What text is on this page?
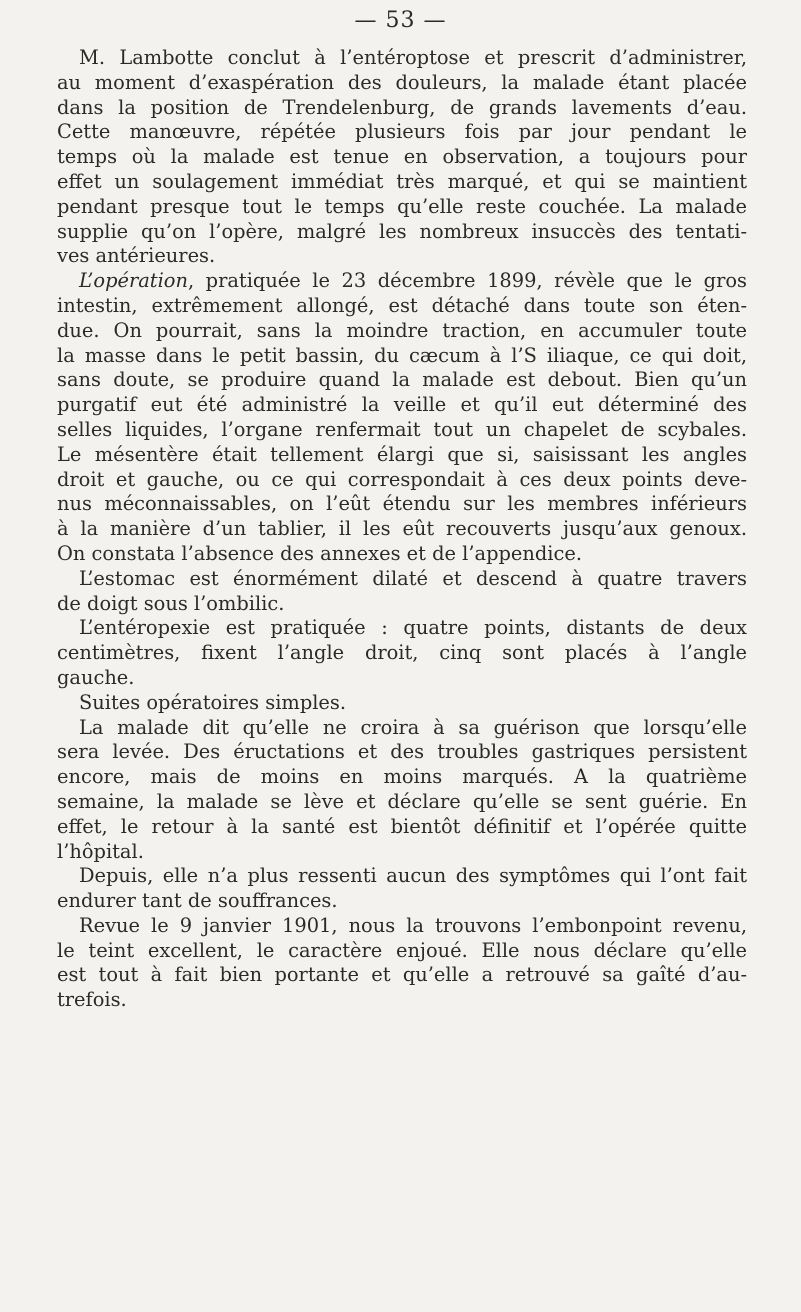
— 53 —
M. Lambotte conclut à l’entéroptose et prescrit d’administrer,
au moment d’exaspération des douleurs, la malade étant placée
dans la position de Trendelenburg, de grands lavements d’eau.
Cette manœuvre, répétée plusieurs fois par jour pendant le
temps où la malade est tenue en observation, a toujours pour
effet un soulagement immédiat très marqué, et qui se maintient
pendant presque tout le temps qu’elle reste couchée. La malade
supplie qu’on l’opère, malgré les nombreux insuccès des tentati-
ves antérieures.
L’opération, pratiquée le 23 décembre 1899, révèle que le gros
intestin, extrêmement allongé, est détaché dans toute son éten-
due. On pourrait, sans la moindre traction, en accumuler toute
la masse dans le petit bassin, du cæcum à l’S iliaque, ce qui doit,
sans doute, se produire quand la malade est debout. Bien qu’un
purgatif eut été administré la veille et qu’il eut déterminé des
selles liquides, l’organe renfermait tout un chapelet de scybales.
Le mésentère était tellement élargi que si, saisissant les angles
droit et gauche, ou ce qui correspondait à ces deux points deve-
nus méconnaissables, on l’eût étendu sur les membres inférieurs
à la manière d’un tablier, il les eût recouverts jusqu’aux genoux.
On constata l’absence des annexes et de l’appendice.
L’estomac est énormément dilaté et descend à quatre travers
de doigt sous l’ombilic.
L’entéropexie est pratiquée : quatre points, distants de deux
centimètres, fixent l’angle droit, cinq sont placés à l’angle
gauche.
Suites opératoires simples.
La malade dit qu’elle ne croira à sa guérison que lorsqu’elle
sera levée. Des éructations et des troubles gastriques persistent
encore, mais de moins en moins marqués. A la quatrième
semaine, la malade se lève et déclare qu’elle se sent guérie. En
effet, le retour à la santé est bientôt définitif et l’opérée quitte
l’hôpital.
Depuis, elle n’a plus ressenti aucun des symptômes qui l’ont fait
endurer tant de souffrances.
Revue le 9 janvier 1901, nous la trouvons l’embonpoint revenu,
le teint excellent, le caractère enjoué. Elle nous déclare qu’elle
est tout à fait bien portante et qu’elle a retrouvé sa gaîté d’au-
trefois.
